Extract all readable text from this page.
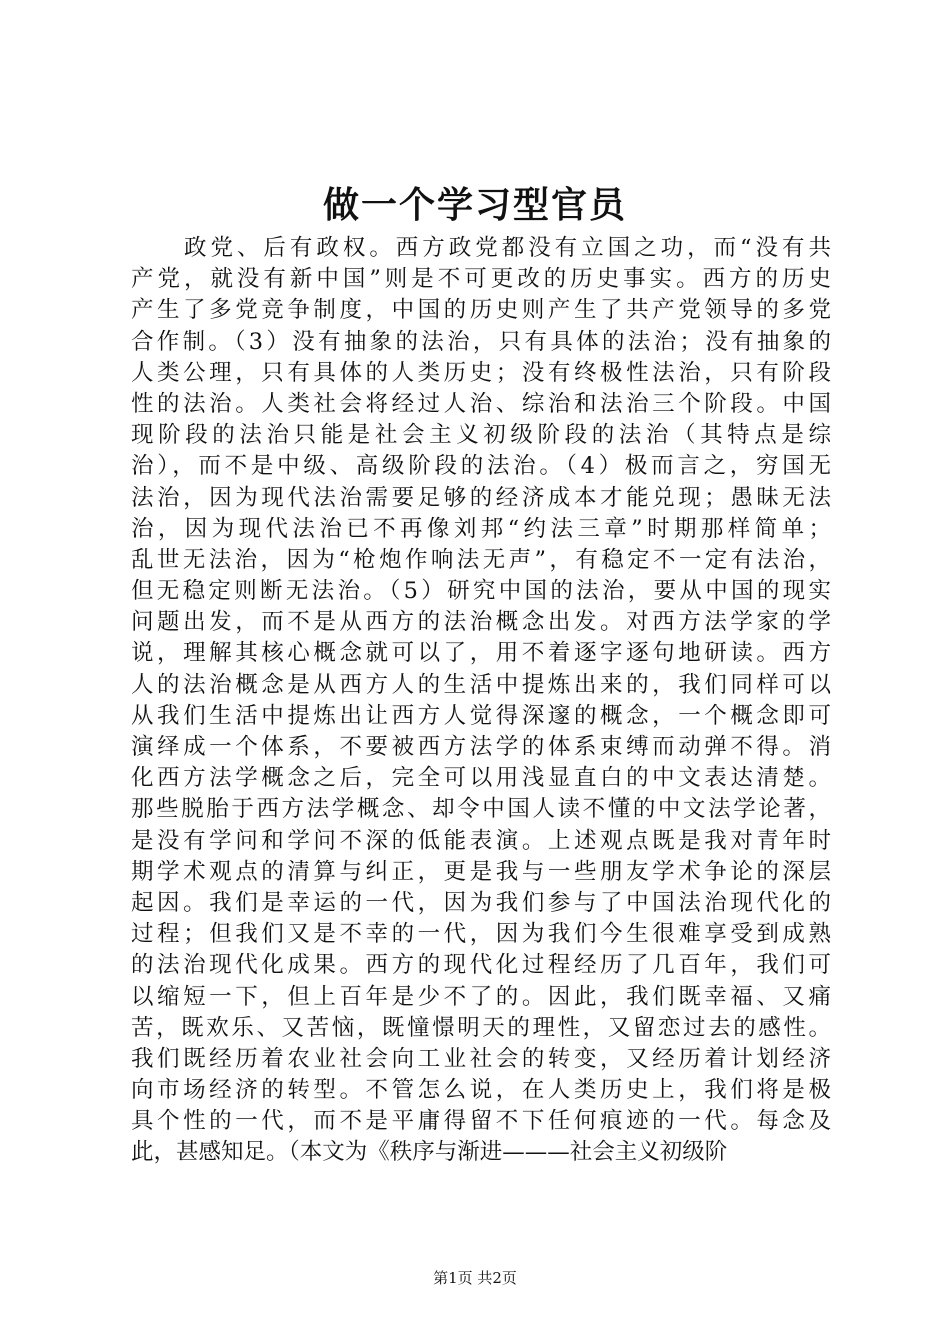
做一个学习型官员
　　政党、后有政权。西方政党都没有立国之功，而“没有共
产党，就没有新中国”则是不可更改的历史事实。西方的历史
产生了多党竞争制度，中国的历史则产生了共产党领导的多党
合作制。（3）没有抽象的法治，只有具体的法治；没有抽象的
人类公理，只有具体的人类历史；没有终极性法治，只有阶段
性的法治。人类社会将经过人治、综治和法治三个阶段。中国
现阶段的法治只能是社会主义初级阶段的法治（其特点是综
治），而不是中级、高级阶段的法治。（4）极而言之，穷国无
法治，因为现代法治需要足够的经济成本才能兑现；愚昧无法
治，因为现代法治已不再像刘邦“约法三章”时期那样简单；
乱世无法治，因为“枪炮作响法无声”，有稳定不一定有法治，
但无稳定则断无法治。（5）研究中国的法治，要从中国的现实
问题出发，而不是从西方的法治概念出发。对西方法学家的学
说，理解其核心概念就可以了，用不着逐字逐句地研读。西方
人的法治概念是从西方人的生活中提炼出来的，我们同样可以
从我们生活中提炼出让西方人觉得深邃的概念，一个概念即可
演绎成一个体系，不要被西方法学的体系束缚而动弹不得。消
化西方法学概念之后，完全可以用浅显直白的中文表达清楚。
那些脱胎于西方法学概念、却令中国人读不懂的中文法学论著，
是没有学问和学问不深的低能表演。上述观点既是我对青年时
期学术观点的清算与纠正，更是我与一些朋友学术争论的深层
起因。我们是幸运的一代，因为我们参与了中国法治现代化的
过程；但我们又是不幸的一代，因为我们今生很难享受到成熟
的法治现代化成果。西方的现代化过程经历了几百年，我们可
以缩短一下，但上百年是少不了的。因此，我们既幸福、又痛
苦，既欢乐、又苦恼，既憧憬明天的理性，又留恋过去的感性。
我们既经历着农业社会向工业社会的转变，又经历着计划经济
向市场经济的转型。不管怎么说，在人类历史上，我们将是极
具个性的一代，而不是平庸得留不下任何痕迹的一代。每念及
此，甚感知足。（本文为《秩序与渐进———社会主义初级阶
第1页 共2页
